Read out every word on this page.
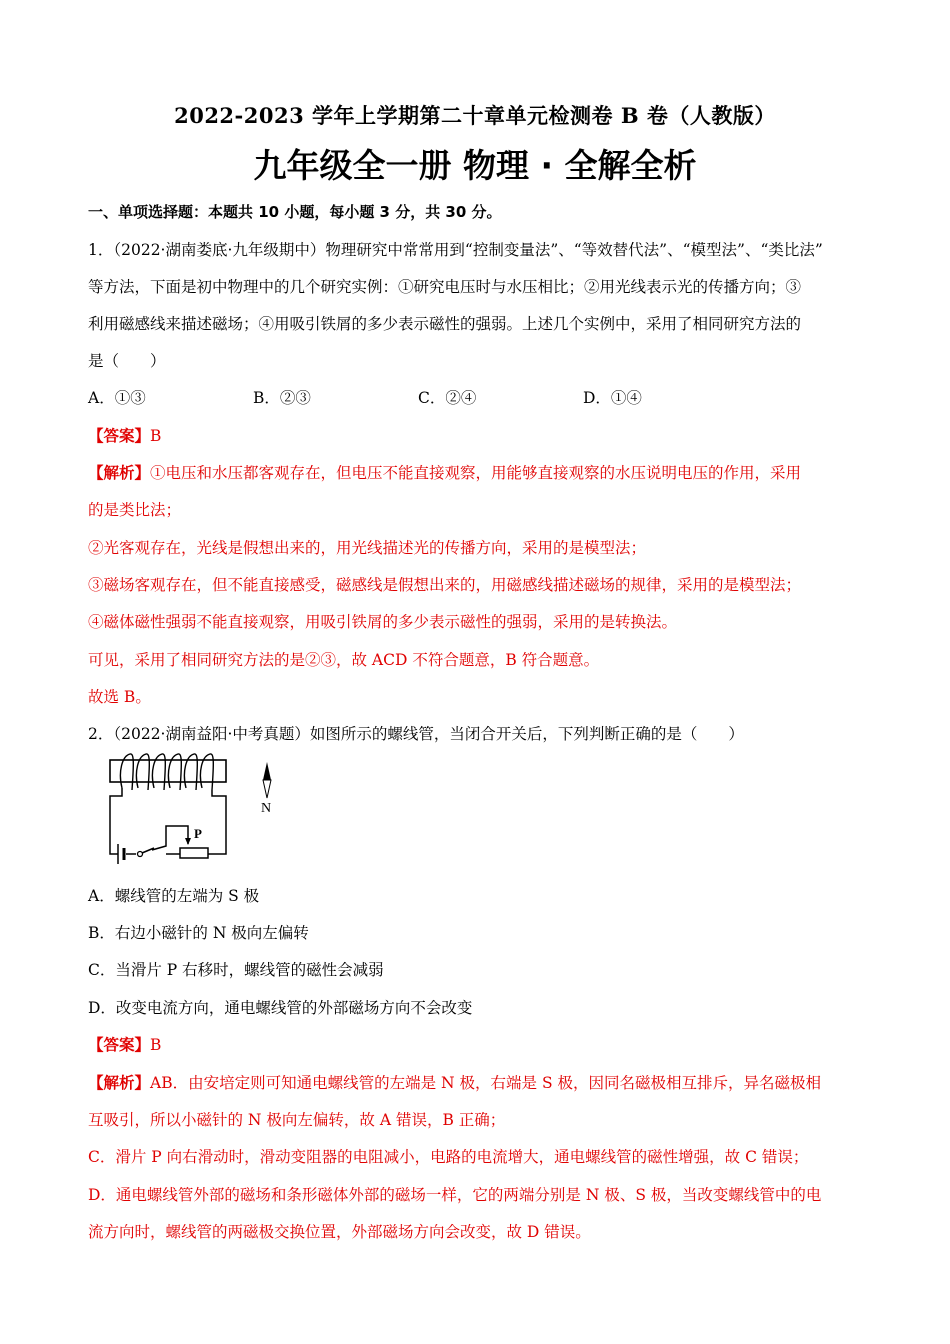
2022-2023 学年上学期第二十章单元检测卷 B 卷（人教版）
九年级全一册 物理 · 全解全析
一、单项选择题：本题共 10 小题，每小题 3 分，共 30 分。
1．（2022·湖南娄底·九年级期中）物理研究中常常用到“控制变量法”、“等效替代法”、“模型法”、“类比法”
等方法，下面是初中物理中的几个研究实例：①研究电压时与水压相比；②用光线表示光的传播方向；③
利用磁感线来描述磁场；④用吸引铁屑的多少表示磁性的强弱。上述几个实例中，采用了相同研究方法的
是（　　）
A．①③	B．②③	C．②④	D．①④
【答案】B
【解析】①电压和水压都客观存在，但电压不能直接观察，用能够直接观察的水压说明电压的作用，采用
的是类比法；
②光客观存在，光线是假想出来的，用光线描述光的传播方向，采用的是模型法；
③磁场客观存在，但不能直接感受，磁感线是假想出来的，用磁感线描述磁场的规律，采用的是模型法；
④磁体磁性强弱不能直接观察，用吸引铁屑的多少表示磁性的强弱，采用的是转换法。
可见，采用了相同研究方法的是②③，故 ACD 不符合题意，B 符合题意。
故选 B。
2．（2022·湖南益阳·中考真题）如图所示的螺线管，当闭合开关后，下列判断正确的是（　　）
P
N
A．螺线管的左端为 S 极
B．右边小磁针的 N 极向左偏转
C．当滑片 P 右移时，螺线管的磁性会减弱
D．改变电流方向，通电螺线管的外部磁场方向不会改变
【答案】B
【解析】AB．由安培定则可知通电螺线管的左端是 N 极，右端是 S 极，因同名磁极相互排斥，异名磁极相
互吸引，所以小磁针的 N 极向左偏转，故 A 错误，B 正确；
C．滑片 P 向右滑动时，滑动变阻器的电阻减小，电路的电流增大，通电螺线管的磁性增强，故 C 错误；
D．通电螺线管外部的磁场和条形磁体外部的磁场一样，它的两端分别是 N 极、S 极，当改变螺线管中的电
流方向时，螺线管的两磁极交换位置，外部磁场方向会改变，故 D 错误。
